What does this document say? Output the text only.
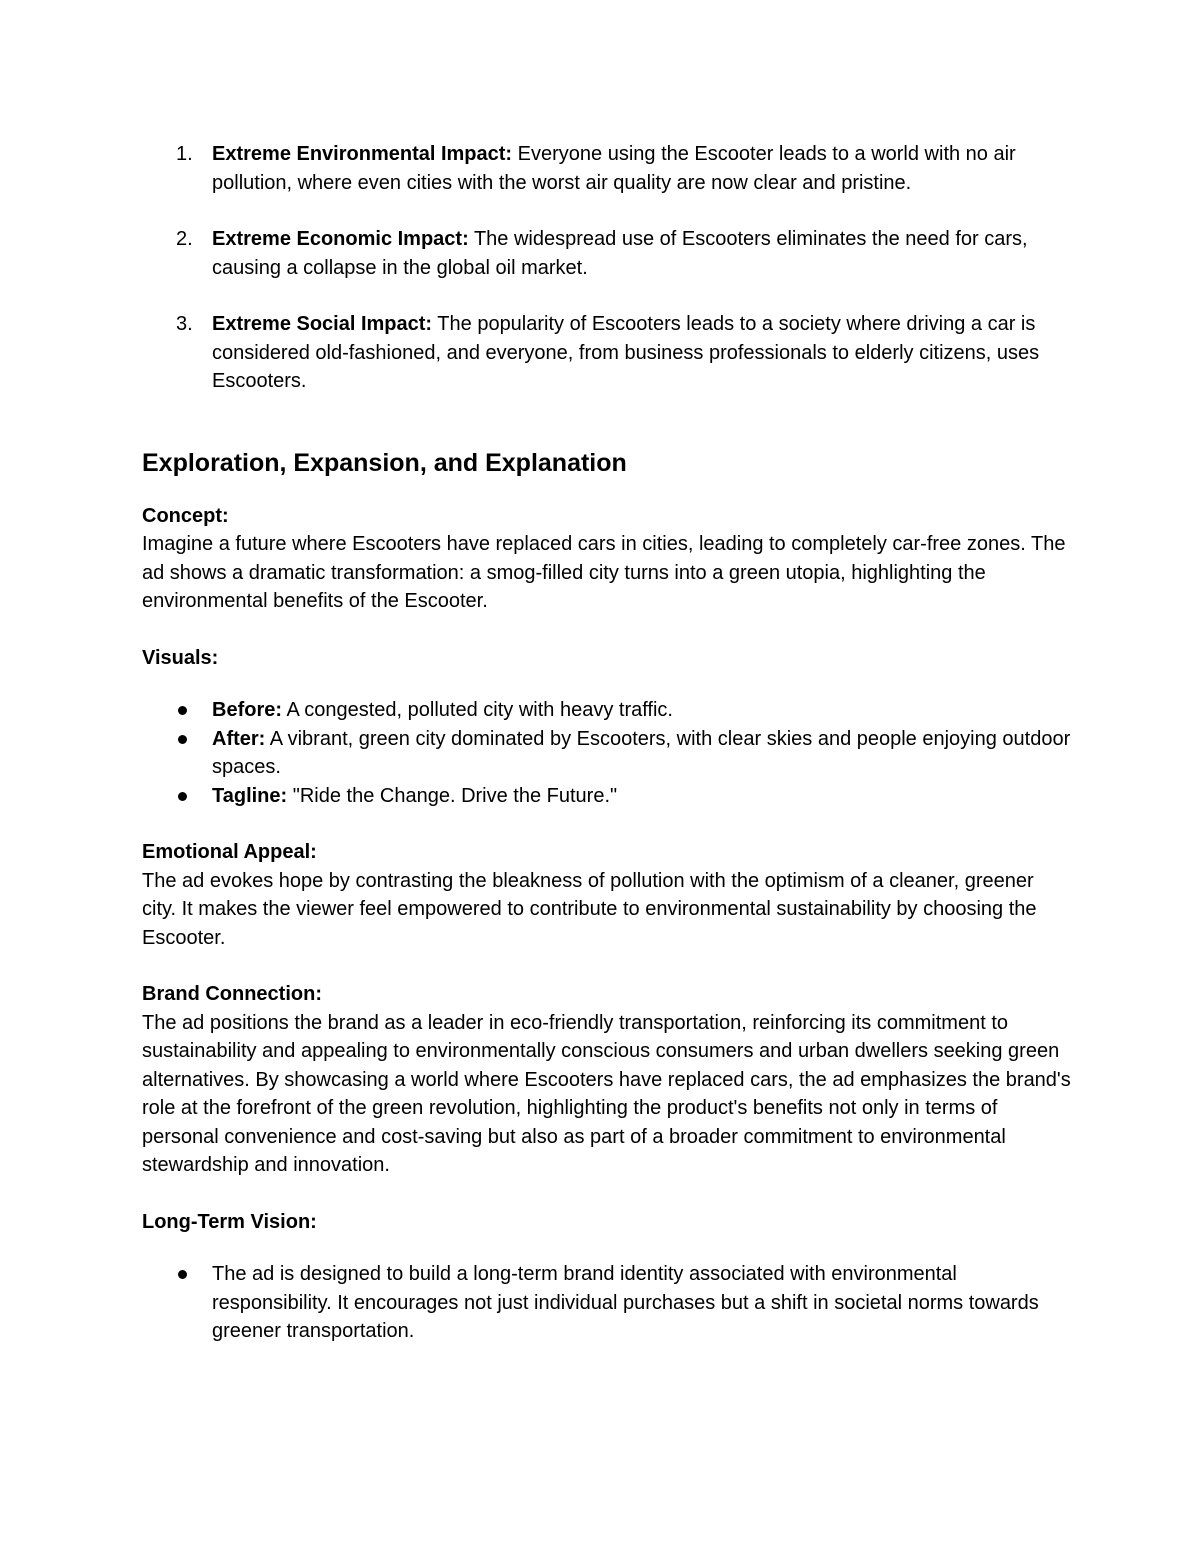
1. Extreme Environmental Impact: Everyone using the Escooter leads to a world with no air pollution, where even cities with the worst air quality are now clear and pristine.
2. Extreme Economic Impact: The widespread use of Escooters eliminates the need for cars, causing a collapse in the global oil market.
3. Extreme Social Impact: The popularity of Escooters leads to a society where driving a car is considered old-fashioned, and everyone, from business professionals to elderly citizens, uses Escooters.
Exploration, Expansion, and Explanation
Concept:
Imagine a future where Escooters have replaced cars in cities, leading to completely car-free zones. The ad shows a dramatic transformation: a smog-filled city turns into a green utopia, highlighting the environmental benefits of the Escooter.
Visuals:
Before: A congested, polluted city with heavy traffic.
After: A vibrant, green city dominated by Escooters, with clear skies and people enjoying outdoor spaces.
Tagline: "Ride the Change. Drive the Future."
Emotional Appeal:
The ad evokes hope by contrasting the bleakness of pollution with the optimism of a cleaner, greener city. It makes the viewer feel empowered to contribute to environmental sustainability by choosing the Escooter.
Brand Connection:
The ad positions the brand as a leader in eco-friendly transportation, reinforcing its commitment to sustainability and appealing to environmentally conscious consumers and urban dwellers seeking green alternatives. By showcasing a world where Escooters have replaced cars, the ad emphasizes the brand's role at the forefront of the green revolution, highlighting the product's benefits not only in terms of personal convenience and cost-saving but also as part of a broader commitment to environmental stewardship and innovation.
Long-Term Vision:
The ad is designed to build a long-term brand identity associated with environmental responsibility. It encourages not just individual purchases but a shift in societal norms towards greener transportation.
